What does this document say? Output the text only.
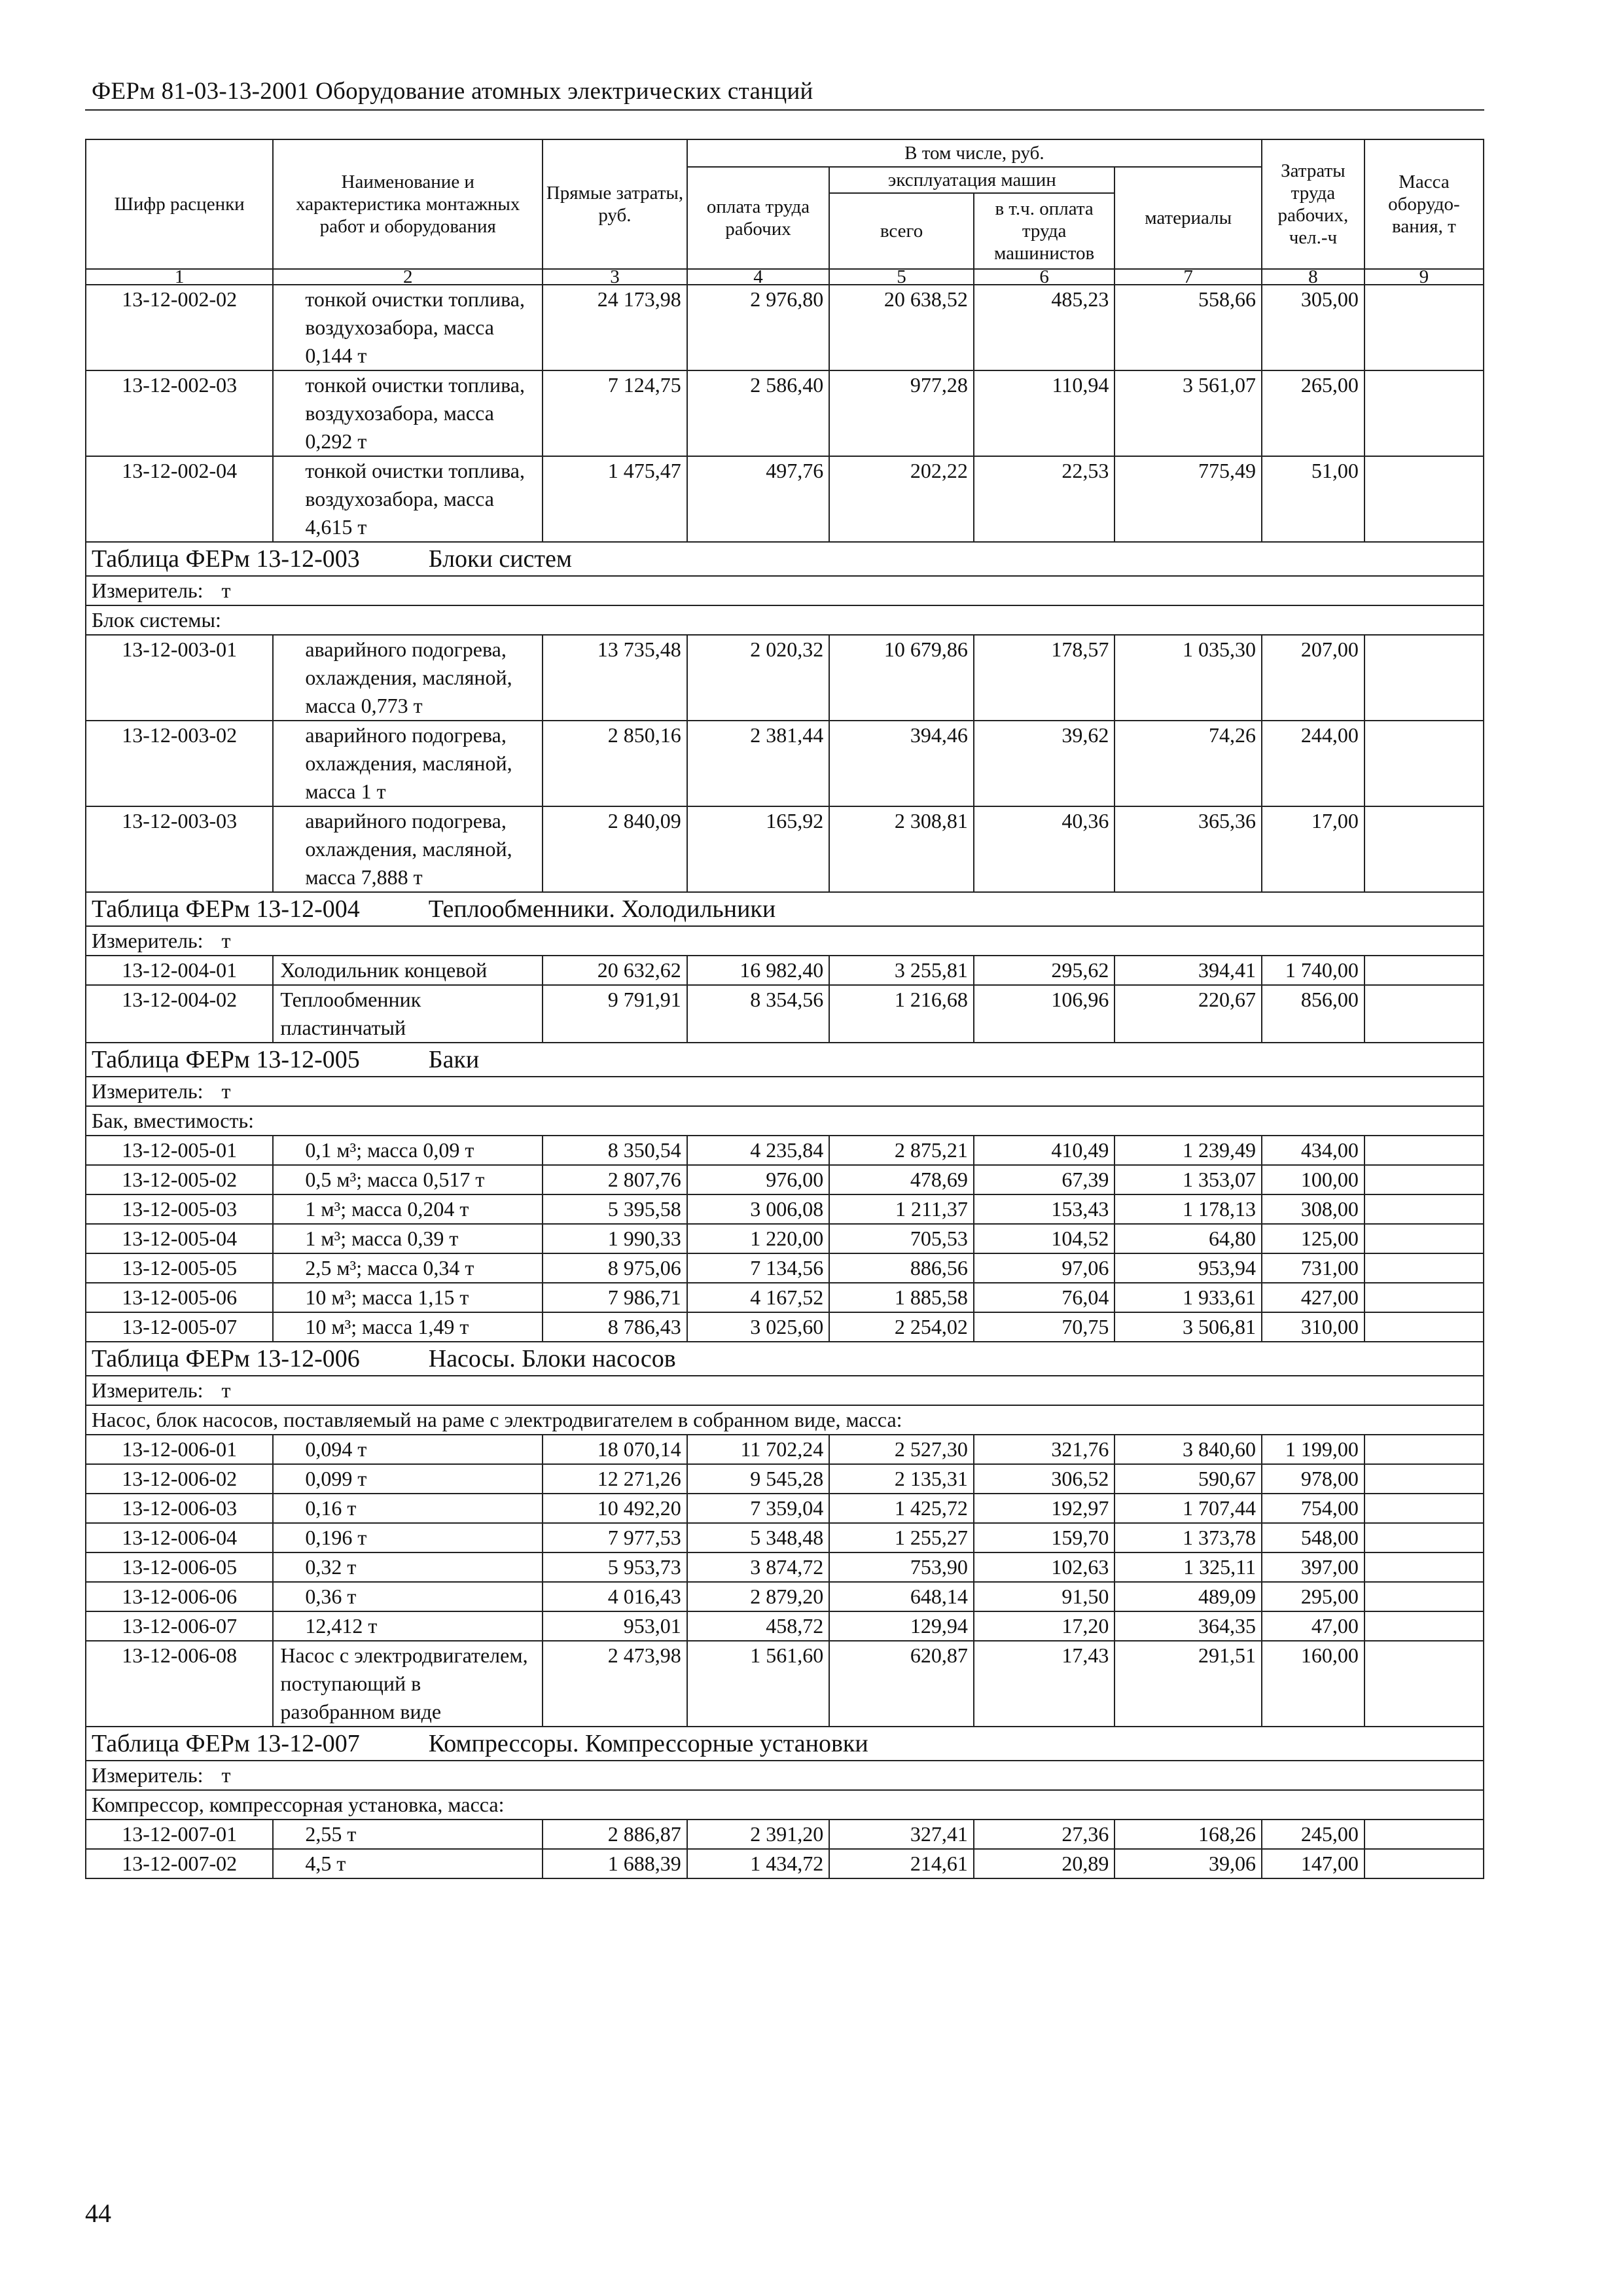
ФЕРм 81-03-13-2001 Оборудование атомных электрических станций
Шифр расценки	Наименование и характеристика монтажных работ и оборудования	Прямые затраты, руб.	В том числе, руб.				Затраты труда рабочих, чел.-ч	Масса оборудо-вания, т
			оплата труда рабочих	эксплуатация машин		материалы		
				всего	в т.ч. оплата труда машинистов			
1	2	3	4	5	6	7	8	9
13-12-002-02	тонкой очистки топлива, воздухозабора, масса 0,144 т	24 173,98	2 976,80	20 638,52	485,23	558,66	305,00	
13-12-002-03	тонкой очистки топлива, воздухозабора, масса 0,292 т	7 124,75	2 586,40	977,28	110,94	3 561,07	265,00	
13-12-002-04	тонкой очистки топлива, воздухозабора, масса 4,615 т	1 475,47	497,76	202,22	22,53	775,49	51,00	
Таблица ФЕРм 13-12-003 Блоки систем								
Измеритель: т								
Блок системы:								
13-12-003-01	аварийного подогрева, охлаждения, масляной, масса 0,773 т	13 735,48	2 020,32	10 679,86	178,57	1 035,30	207,00	
13-12-003-02	аварийного подогрева, охлаждения, масляной, масса 1 т	2 850,16	2 381,44	394,46	39,62	74,26	244,00	
13-12-003-03	аварийного подогрева, охлаждения, масляной, масса 7,888 т	2 840,09	165,92	2 308,81	40,36	365,36	17,00	
Таблица ФЕРм 13-12-004 Теплообменники. Холодильники								
Измеритель: т								
13-12-004-01	Холодильник концевой	20 632,62	16 982,40	3 255,81	295,62	394,41	1 740,00	
13-12-004-02	Теплообменник пластинчатый	9 791,91	8 354,56	1 216,68	106,96	220,67	856,00	
Таблица ФЕРм 13-12-005 Баки								
Измеритель: т								
Бак, вместимость:								
13-12-005-01	0,1 м³; масса 0,09 т	8 350,54	4 235,84	2 875,21	410,49	1 239,49	434,00	
13-12-005-02	0,5 м³; масса 0,517 т	2 807,76	976,00	478,69	67,39	1 353,07	100,00	
13-12-005-03	1 м³; масса 0,204 т	5 395,58	3 006,08	1 211,37	153,43	1 178,13	308,00	
13-12-005-04	1 м³; масса 0,39 т	1 990,33	1 220,00	705,53	104,52	64,80	125,00	
13-12-005-05	2,5 м³; масса 0,34 т	8 975,06	7 134,56	886,56	97,06	953,94	731,00	
13-12-005-06	10 м³; масса 1,15 т	7 986,71	4 167,52	1 885,58	76,04	1 933,61	427,00	
13-12-005-07	10 м³; масса 1,49 т	8 786,43	3 025,60	2 254,02	70,75	3 506,81	310,00	
Таблица ФЕРм 13-12-006 Насосы. Блоки насосов								
Измеритель: т								
Насос, блок насосов, поставляемый на раме с электродвигателем в собранном виде, масса:								
13-12-006-01	0,094 т	18 070,14	11 702,24	2 527,30	321,76	3 840,60	1 199,00	
13-12-006-02	0,099 т	12 271,26	9 545,28	2 135,31	306,52	590,67	978,00	
13-12-006-03	0,16 т	10 492,20	7 359,04	1 425,72	192,97	1 707,44	754,00	
13-12-006-04	0,196 т	7 977,53	5 348,48	1 255,27	159,70	1 373,78	548,00	
13-12-006-05	0,32 т	5 953,73	3 874,72	753,90	102,63	1 325,11	397,00	
13-12-006-06	0,36 т	4 016,43	2 879,20	648,14	91,50	489,09	295,00	
13-12-006-07	12,412 т	953,01	458,72	129,94	17,20	364,35	47,00	
13-12-006-08	Насос с электродвигателем, поступающий в разобранном виде	2 473,98	1 561,60	620,87	17,43	291,51	160,00	
Таблица ФЕРм 13-12-007 Компрессоры. Компрессорные установки								
Измеритель: т								
Компрессор, компрессорная установка, масса:								
13-12-007-01	2,55 т	2 886,87	2 391,20	327,41	27,36	168,26	245,00	
13-12-007-02	4,5 т	1 688,39	1 434,72	214,61	20,89	39,06	147,00	
44
